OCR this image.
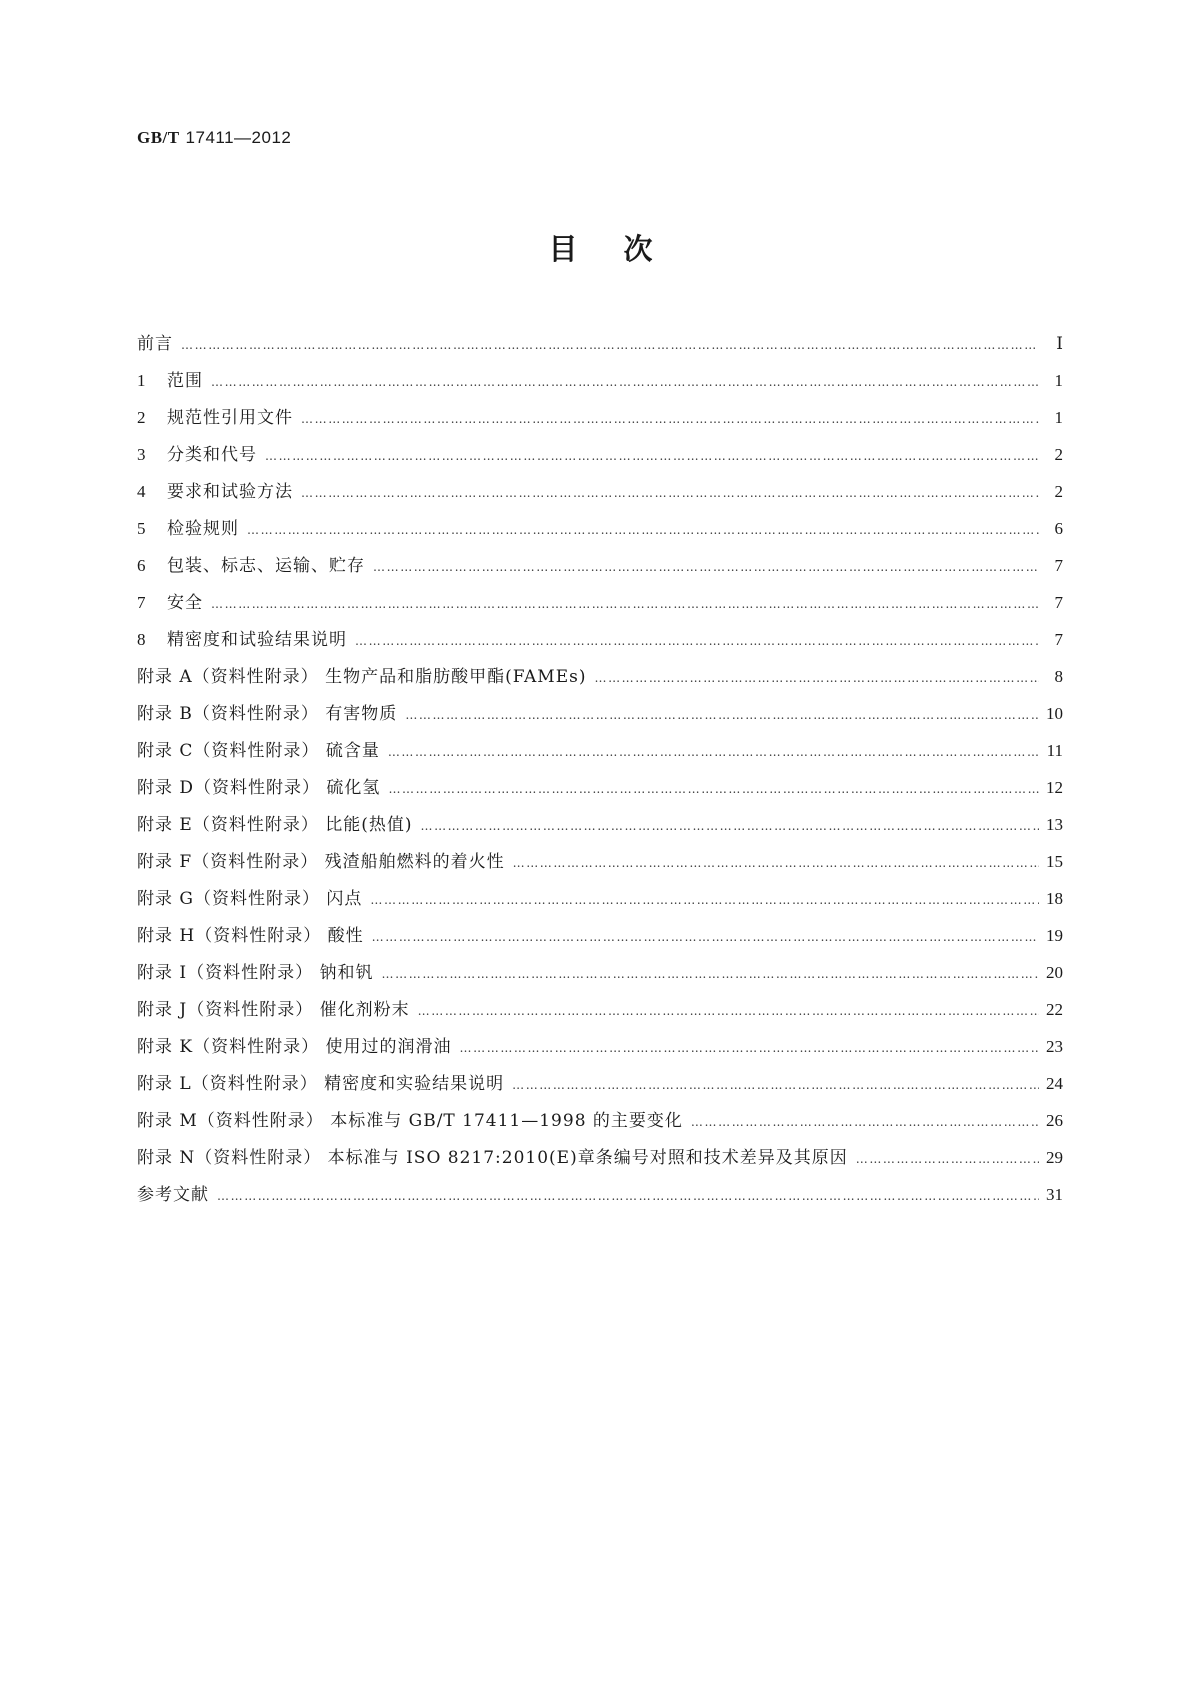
GB/T 17411—2012
目次
前言 ………………………………………………………………………………………………………………………………………………………………………………………………………………………………	Ⅰ
1	范围 ………………………………………………………………………………………………………………………………………………………………………………………………………………………………	1
2	规范性引用文件 ………………………………………………………………………………………………………………………………………………………………………………………………………………………………	1
3	分类和代号 ………………………………………………………………………………………………………………………………………………………………………………………………………………………………	2
4	要求和试验方法 ………………………………………………………………………………………………………………………………………………………………………………………………………………………………	2
5	检验规则 ………………………………………………………………………………………………………………………………………………………………………………………………………………………………	6
6	包装、标志、运输、贮存 ………………………………………………………………………………………………………………………………………………………………………………………………………………………………	7
7	安全 ………………………………………………………………………………………………………………………………………………………………………………………………………………………………	7
8	精密度和试验结果说明 ………………………………………………………………………………………………………………………………………………………………………………………………………………………………	7
附录 A（资料性附录） 生物产品和脂肪酸甲酯(FAMEs) ………………………………………………………………………………………………………………………………………………………………………………………………………………………………	8
附录 B（资料性附录） 有害物质 ………………………………………………………………………………………………………………………………………………………………………………………………………………………………	10
附录 C（资料性附录） 硫含量 ………………………………………………………………………………………………………………………………………………………………………………………………………………………………	11
附录 D（资料性附录） 硫化氢 ………………………………………………………………………………………………………………………………………………………………………………………………………………………………	12
附录 E（资料性附录） 比能(热值) ………………………………………………………………………………………………………………………………………………………………………………………………………………………………	13
附录 F（资料性附录） 残渣船舶燃料的着火性 ………………………………………………………………………………………………………………………………………………………………………………………………………………………………	15
附录 G（资料性附录） 闪点 ………………………………………………………………………………………………………………………………………………………………………………………………………………………………	18
附录 H（资料性附录） 酸性 ………………………………………………………………………………………………………………………………………………………………………………………………………………………………	19
附录 I（资料性附录） 钠和钒 ………………………………………………………………………………………………………………………………………………………………………………………………………………………………	20
附录 J（资料性附录） 催化剂粉末 ………………………………………………………………………………………………………………………………………………………………………………………………………………………………	22
附录 K（资料性附录） 使用过的润滑油 ………………………………………………………………………………………………………………………………………………………………………………………………………………………………	23
附录 L（资料性附录） 精密度和实验结果说明 ………………………………………………………………………………………………………………………………………………………………………………………………………………………………	24
附录 M（资料性附录） 本标准与 GB/T 17411—1998 的主要变化 ………………………………………………………………………………………………………………………………………………………………………………………………………………………………	26
附录 N（资料性附录） 本标准与 ISO 8217:2010(E)章条编号对照和技术差异及其原因 ………………………………………………………………………………………………………………………………………………………………………………………………………………………………	29
参考文献 ………………………………………………………………………………………………………………………………………………………………………………………………………………………………	31
